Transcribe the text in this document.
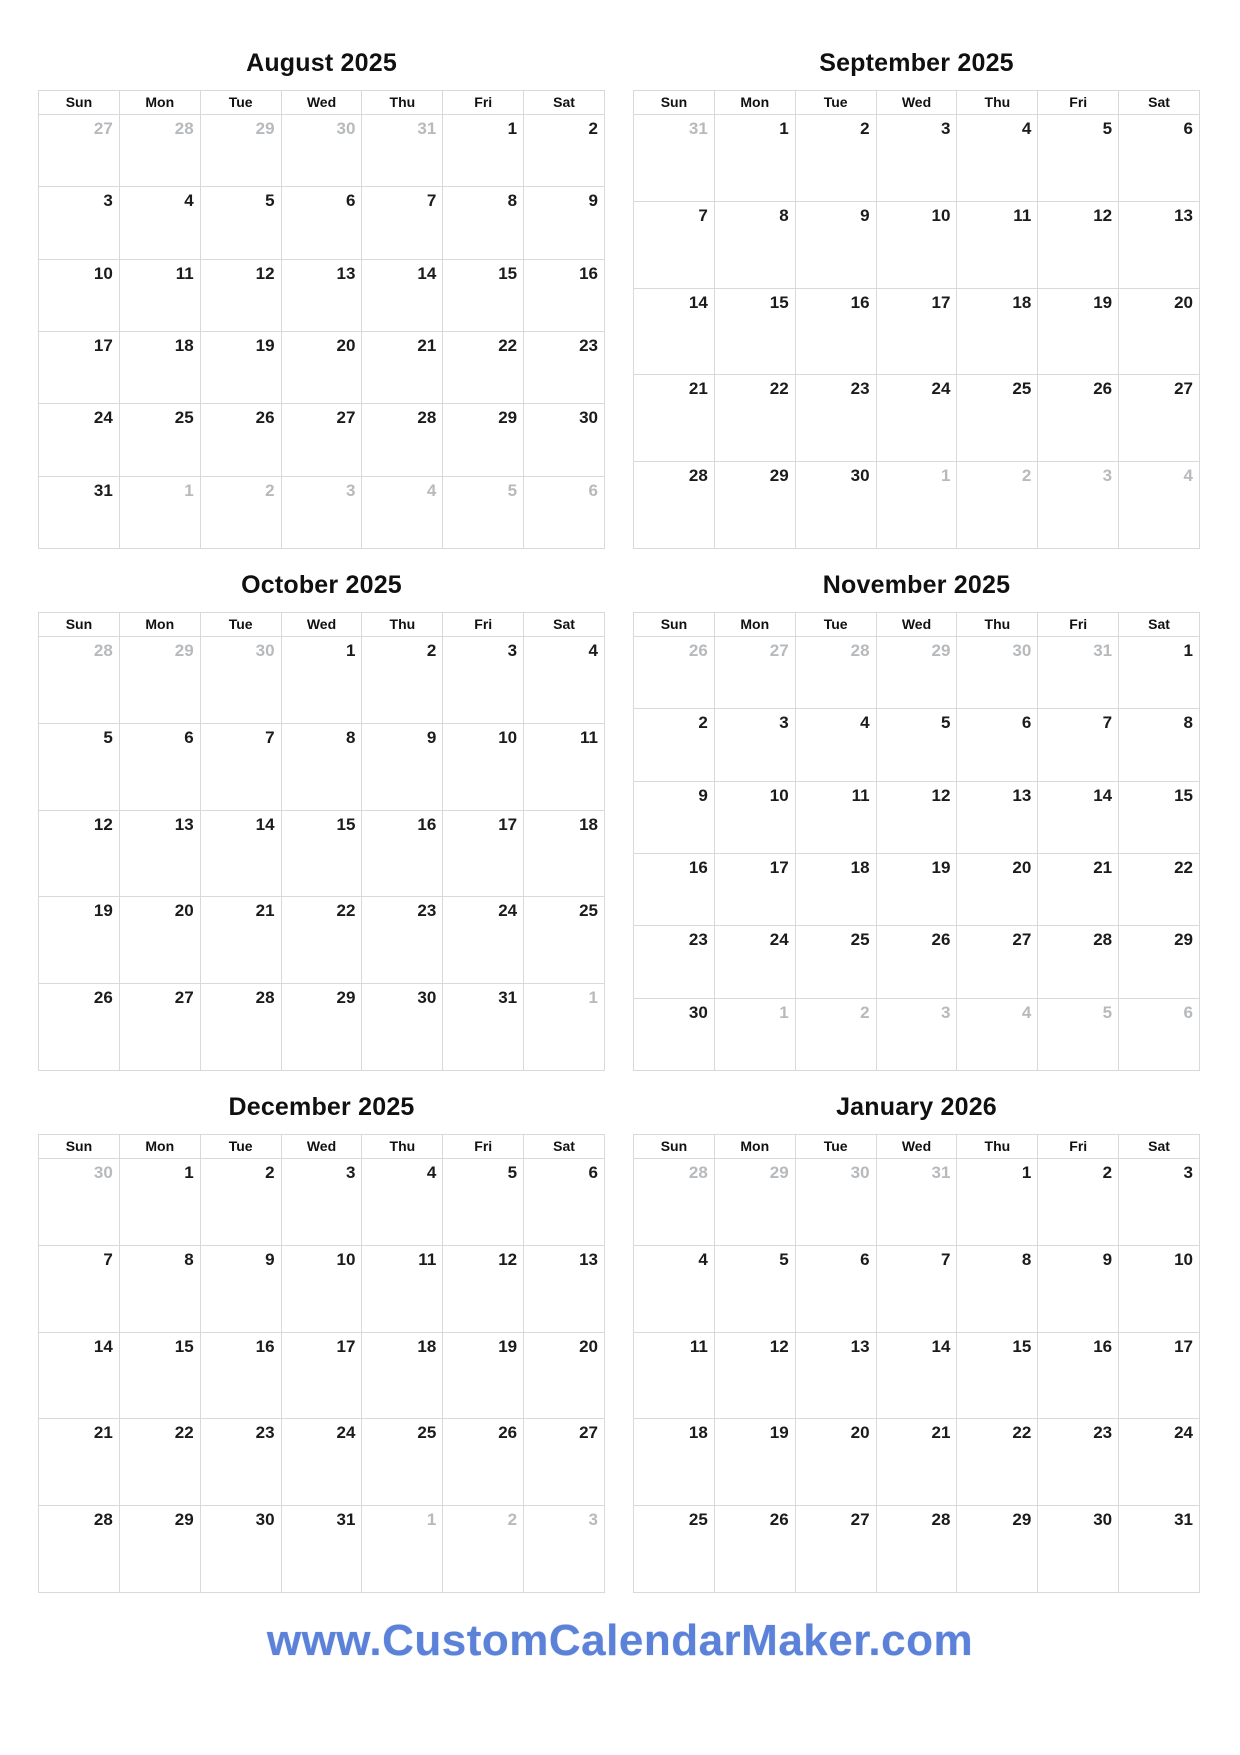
August 2025
Sun	Mon	Tue	Wed	Thu	Fri	Sat
27	28	29	30	31	1	2
3	4	5	6	7	8	9
10	11	12	13	14	15	16
17	18	19	20	21	22	23
24	25	26	27	28	29	30
31	1	2	3	4	5	6
September 2025
Sun	Mon	Tue	Wed	Thu	Fri	Sat
31	1	2	3	4	5	6
7	8	9	10	11	12	13
14	15	16	17	18	19	20
21	22	23	24	25	26	27
28	29	30	1	2	3	4
October 2025
Sun	Mon	Tue	Wed	Thu	Fri	Sat
28	29	30	1	2	3	4
5	6	7	8	9	10	11
12	13	14	15	16	17	18
19	20	21	22	23	24	25
26	27	28	29	30	31	1
November 2025
Sun	Mon	Tue	Wed	Thu	Fri	Sat
26	27	28	29	30	31	1
2	3	4	5	6	7	8
9	10	11	12	13	14	15
16	17	18	19	20	21	22
23	24	25	26	27	28	29
30	1	2	3	4	5	6
December 2025
Sun	Mon	Tue	Wed	Thu	Fri	Sat
30	1	2	3	4	5	6
7	8	9	10	11	12	13
14	15	16	17	18	19	20
21	22	23	24	25	26	27
28	29	30	31	1	2	3
January 2026
Sun	Mon	Tue	Wed	Thu	Fri	Sat
28	29	30	31	1	2	3
4	5	6	7	8	9	10
11	12	13	14	15	16	17
18	19	20	21	22	23	24
25	26	27	28	29	30	31
www.CustomCalendarMaker.com
